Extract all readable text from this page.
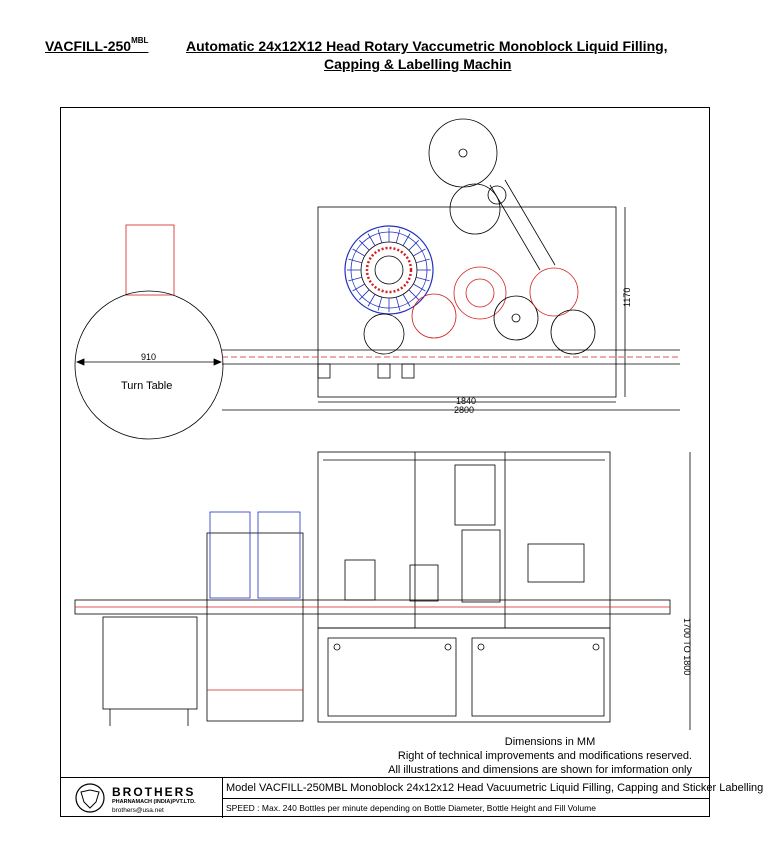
VACFILL-$250^{MBL}$	Automatic 24x12X12 Head Rotary Vaccumetric Monoblock Liquid Filling,
Capping & Labelling Machin
910
Turn Table
1840
2800
1170
1700 TO 1800
Dimensions in MM
Right of technical improvements and modifications reserved.
All illustrations and dimensions are shown for imformation only
BROTHERS
PHARNAMACH (INDIA)PVT.LTD.
brothers@usa.net
Model VACFILL-250MBL Monoblock 24x12x12 Head Vacuumetric Liquid Filling, Capping and Sticker Labelling
SPEED : Max. 240 Bottles per minute depending on Bottle Diameter, Bottle Height and Fill Volume
